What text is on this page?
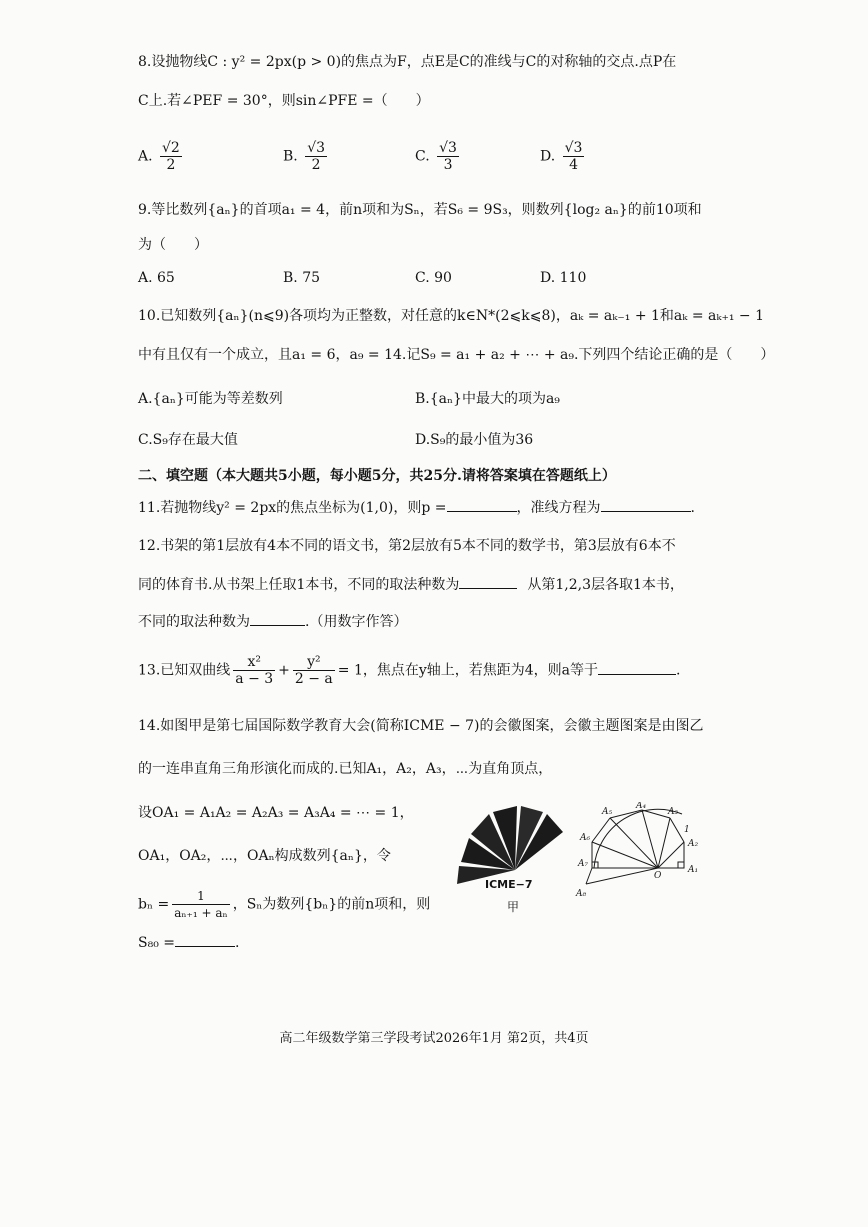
8.设抛物线C : y² = 2px(p > 0)的焦点为F，点E是C的准线与C的对称轴的交点.点P在
C上.若∠PEF = 30°，则sin∠PFE =（　　）
A. $\frac{√2}{2}$	B. $\frac{√3}{2}$	C. $\frac{√3}{3}$	D. $\frac{√3}{4}$
9.等比数列{aₙ}的首项a₁ = 4，前n项和为Sₙ，若S₆ = 9S₃，则数列{log₂ aₙ}的前10项和
为（　　）
A. 65	B. 75	C. 90	D. 110
10.已知数列{aₙ}(n⩽9)各项均为正整数，对任意的k∈N*(2⩽k⩽8)，aₖ = aₖ₋₁ + 1和aₖ = aₖ₊₁ − 1
中有且仅有一个成立，且a₁ = 6，a₉ = 14.记S₉ = a₁ + a₂ + ⋯ + a₉.下列四个结论正确的是（　　）
A.{aₙ}可能为等差数列	B.{aₙ}中最大的项为a₉
C.S₉存在最大值	D.S₉的最小值为36
二、填空题（本大题共5小题，每小题5分，共25分.请将答案填在答题纸上）
11.若抛物线y² = 2px的焦点坐标为(1,0)，则p =	，准线方程为	.
12.书架的第1层放有4本不同的语文书，第2层放有5本不同的数学书，第3层放有6本不
同的体育书.从书架上任取1本书，不同的取法种数为	从第1,2,3层各取1本书，
不同的取法种数为	.（用数字作答）
13.已知双曲线 $\frac{\text{x²}}{a - 3} + \frac{\text{y²}}{2 - a} = 1$，焦点在y轴上，若焦距为4，则a等于	.
14.如图甲是第七届国际数学教育大会(简称ICME − 7)的会徽图案，会徽主题图案是由图乙
的一连串直角三角形演化而成的.已知A₁，A₂，A₃，⋯为直角顶点，
设OA₁ = A₁A₂ = A₂A₃ = A₃A₄ = ⋯ = 1，
OA₁，OA₂，⋯，OAₙ构成数列{aₙ}，令
$b_n = \frac{1}{\text{aₙ₊₁ + aₙ}}$ ，Sₙ为数列{bₙ}的前n项和，则
S₈₀ =	.
ICME−7
甲
A₁
A₂
A₃
A₄
A₅
A₆
A₇
A₈
O
1
高二年级数学第三学段考试2026年1月 第2页，共4页
